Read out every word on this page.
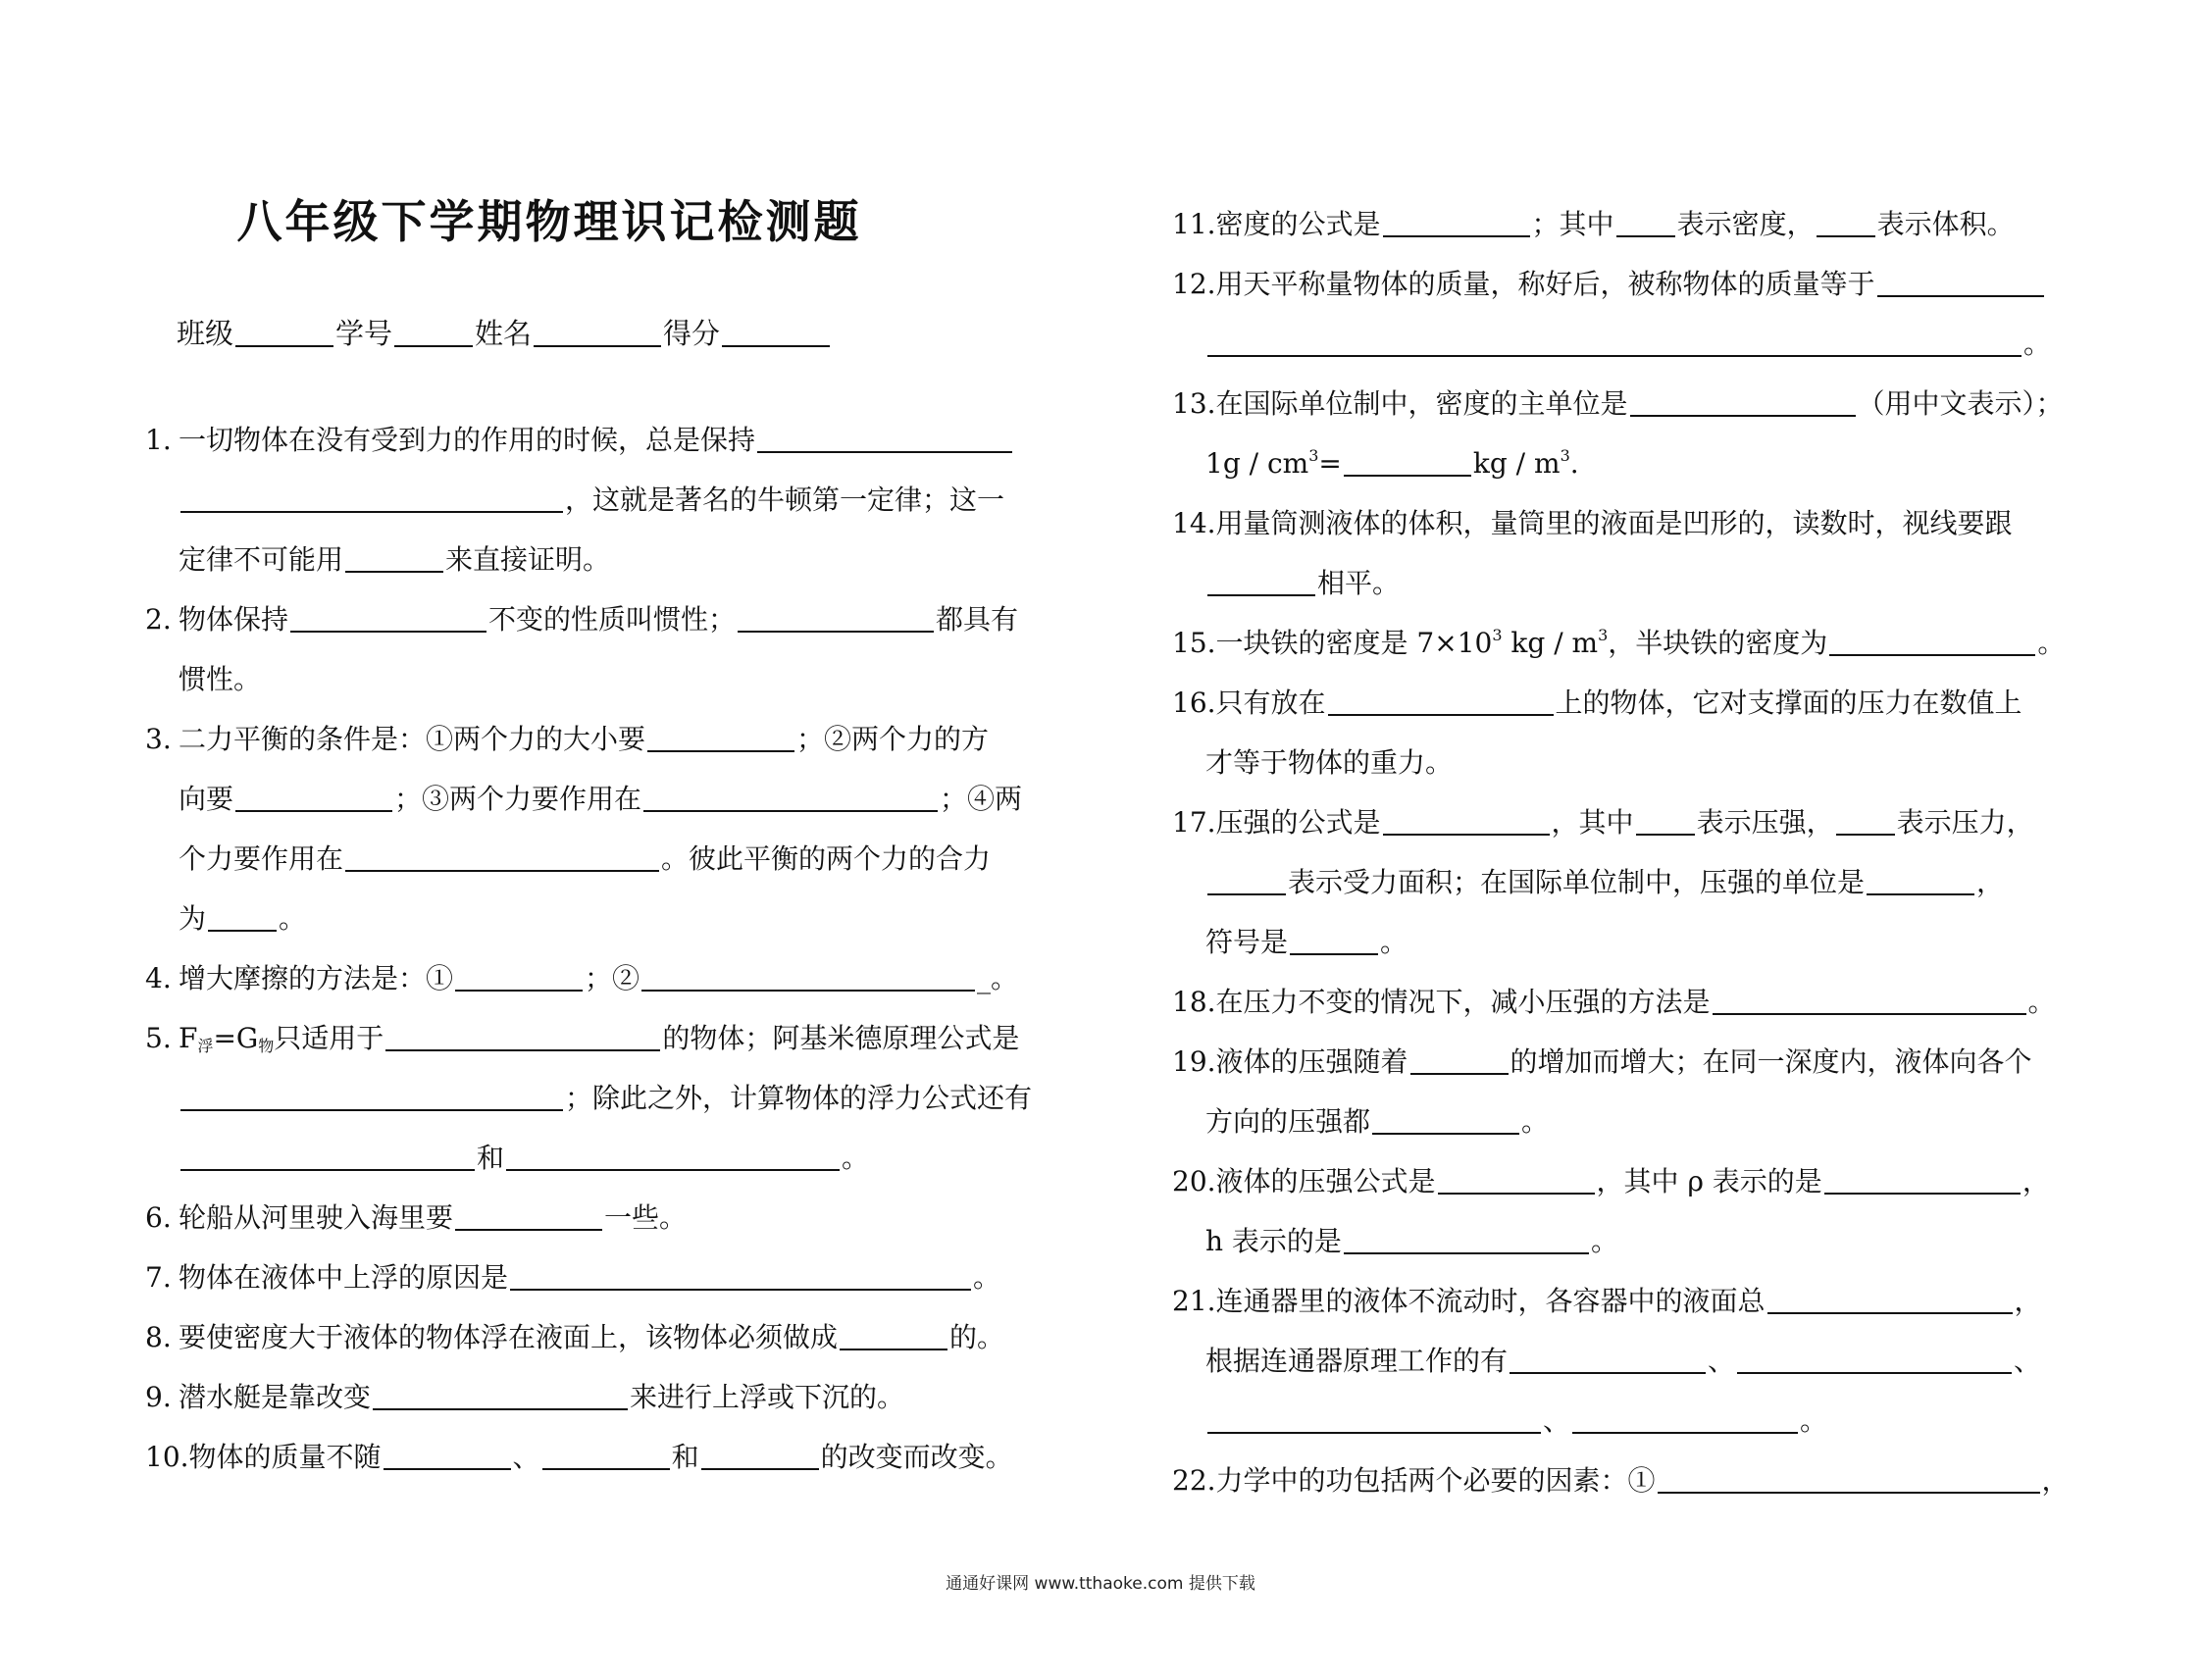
八年级下学期物理识记检测题
班级	学号	姓名	得分
1. 一切物体在没有受到力的作用的时候，总是保持
，这就是著名的牛顿第一定律；这一
定律不可能用	来直接证明。
2. 物体保持	不变的性质叫惯性；	都具有
惯性。
3. 二力平衡的条件是：①两个力的大小要	；②两个力的方
向要	；③两个力要作用在	；④两
个力要作用在	。彼此平衡的两个力的合力
为	。
4. 增大摩擦的方法是：①	；②	_。
5. $F_浮=G_物$只适用于	的物体；阿基米德原理公式是
；除此之外，计算物体的浮力公式还有
和	。
6. 轮船从河里驶入海里要	一些。
7. 物体在液体中上浮的原因是	。
8. 要使密度大于液体的物体浮在液面上，该物体必须做成	的。
9. 潜水艇是靠改变	来进行上浮或下沉的。
10.物体的质量不随	、	和	的改变而改变。
11.密度的公式是	；其中 表示密度， 表示体积。
12.用天平称量物体的质量，称好后，被称物体的质量等于
。
13.在国际单位制中，密度的主单位是	（用中文表示）；
$1g / cm^3=$	kg / $m^3$.
14.用量筒测液体的体积，量筒里的液面是凹形的，读数时，视线要跟
相平。
15.一块铁的密度是 $7\times 10^3$ kg / $m^3$，半块铁的密度为	。
16.只有放在	上的物体，它对支撑面的压力在数值上
才等于物体的重力。
17.压强的公式是	，其中 表示压强， 表示压力，
表示受力面积；在国际单位制中，压强的单位是	，
符号是	。
18.在压力不变的情况下，减小压强的方法是	。
19.液体的压强随着	的增加而增大；在同一深度内，液体向各个
方向的压强都	。
20.液体的压强公式是	，其中 ρ 表示的是	，
h 表示的是	。
21.连通器里的液体不流动时，各容器中的液面总	，
根据连通器原理工作的有	、	、
、	。
22.力学中的功包括两个必要的因素：①	，
通通好课网 www.tthaoke.com 提供下载
